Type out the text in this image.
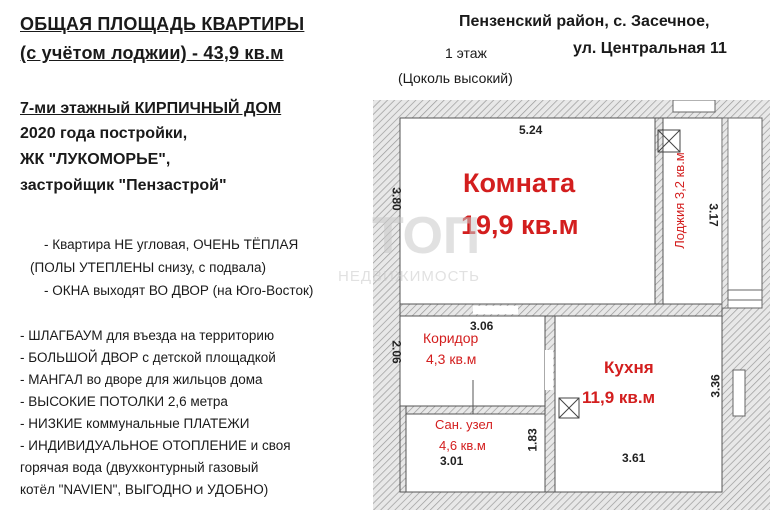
ОБЩАЯ ПЛОЩАДЬ КВАРТИРЫ
(с учётом лоджии) - 43,9 кв.м
7-ми этажный КИРПИЧНЫЙ ДОМ
2020 года постройки,
ЖК "ЛУКОМОРЬЕ",
застройщик "Пензастрой"
- Квартира НЕ угловая, ОЧЕНЬ ТЁПЛАЯ
(ПОЛЫ УТЕПЛЕНЫ снизу, с подвала)
- ОКНА выходят ВО ДВОР (на Юго-Восток)
- ШЛАГБАУМ для въезда на территорию
- БОЛЬШОЙ ДВОР с детской площадкой
- МАНГАЛ во дворе для жильцов дома
- ВЫСОКИЕ ПОТОЛКИ 2,6 метра
- НИЗКИЕ коммунальные ПЛАТЕЖИ
- ИНДИВИДУАЛЬНОЕ ОТОПЛЕНИЕ и своя
горячая вода (двухконтурный газовый
котёл "NAVIEN", ВЫГОДНО и УДОБНО)
Пензенский район, с. Засечное,
ул. Центральная 11
1 этаж
(Цоколь высокий)
5.24
3.80
3.17
3.06
2.06
3.36
1.83
3.01	3.61
Комната
19,9 кв.м	Лоджия 3,2 кв.м
Коридор
4,3 кв.м	Кухня
11,9 кв.м
Сан. узел
4,6 кв.м
ТОП
НЕДВИЖИМОСТЬ
